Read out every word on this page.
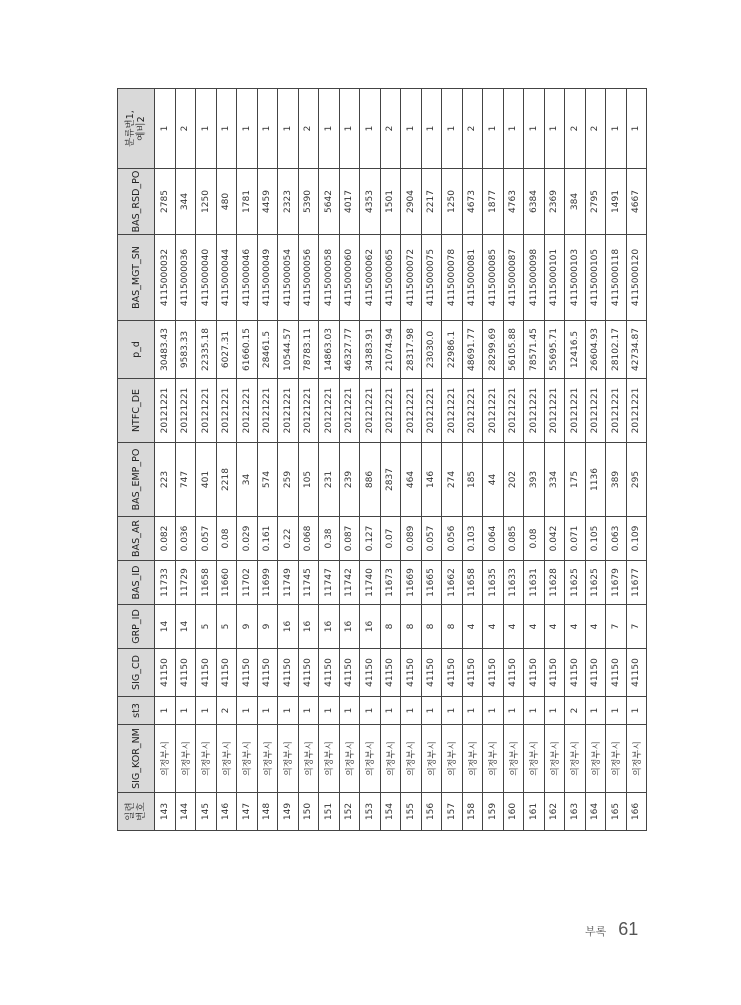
일련 번호	SIG_KOR_NM	st3	SIG_CD	GRP_ID	BAS_ID	BAS_AR	BAS_EMP_PO	NTFC_DE	p_d	BAS_MGT_SN	BAS_RSD_PO	분류번1, 예비2

143	의정부시	1	41150	14	11733	0.082	223	20121221	30483.43	4115000032	2785	1
144	의정부시	1	41150	14	11729	0.036	747	20121221	9583.33	4115000036	344	2
145	의정부시	1	41150	5	11658	0.057	401	20121221	22335.18	4115000040	1250	1
146	의정부시	2	41150	5	11660	0.08	2218	20121221	6027.31	4115000044	480	1
147	의정부시	1	41150	9	11702	0.029	34	20121221	61660.15	4115000046	1781	1
148	의정부시	1	41150	9	11699	0.161	574	20121221	28461.5	4115000049	4459	1
149	의정부시	1	41150	16	11749	0.22	259	20121221	10544.57	4115000054	2323	1
150	의정부시	1	41150	16	11745	0.068	105	20121221	78783.11	4115000056	5390	2
151	의정부시	1	41150	16	11747	0.38	231	20121221	14863.03	4115000058	5642	1
152	의정부시	1	41150	16	11742	0.087	239	20121221	46327.77	4115000060	4017	1
153	의정부시	1	41150	16	11740	0.127	886	20121221	34383.91	4115000062	4353	1
154	의정부시	1	41150	8	11673	0.07	2837	20121221	21074.94	4115000065	1501	2
155	의정부시	1	41150	8	11669	0.089	464	20121221	28317.98	4115000072	2904	1
156	의정부시	1	41150	8	11665	0.057	146	20121221	23030.0	4115000075	2217	1
157	의정부시	1	41150	8	11662	0.056	274	20121221	22986.1	4115000078	1250	1
158	의정부시	1	41150	4	11658	0.103	185	20121221	48691.77	4115000081	4673	2
159	의정부시	1	41150	4	11635	0.064	44	20121221	28299.69	4115000085	1877	1
160	의정부시	1	41150	4	11633	0.085	202	20121221	56105.88	4115000087	4763	1
161	의정부시	1	41150	4	11631	0.08	393	20121221	78571.45	4115000098	6384	1
162	의정부시	1	41150	4	11628	0.042	334	20121221	55695.71	4115000101	2369	1
163	의정부시	2	41150	4	11625	0.071	175	20121221	12416.5	4115000103	384	2
164	의정부시	1	41150	4	11625	0.105	1136	20121221	26604.93	4115000105	2795	2
165	의정부시	1	41150	7	11679	0.063	389	20121221	28102.17	4115000118	1491	1
166	의정부시	1	41150	7	11677	0.109	295	20121221	42734.87	4115000120	4667	1
부록 61
